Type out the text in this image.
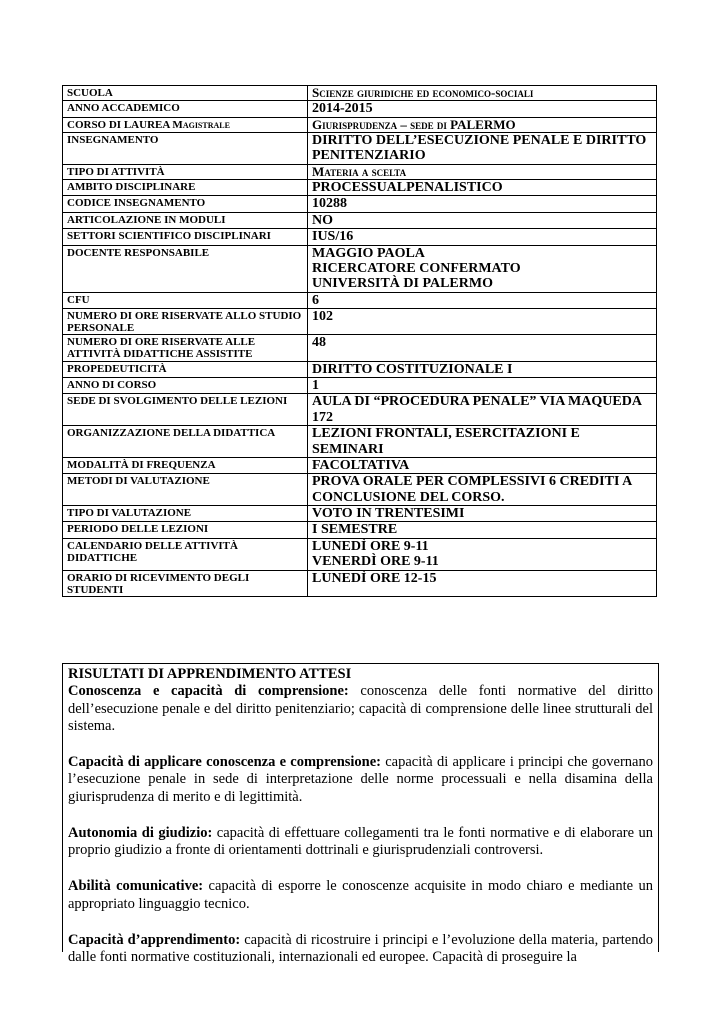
SCUOLA	Scienze giuridiche ed economico-sociali
ANNO ACCADEMICO	2014-2015
CORSO DI LAUREA Magistrale	Giurisprudenza – sede di PALERMO
INSEGNAMENTO	DIRITTO DELL’ESECUZIONE PENALE E DIRITTO PENITENZIARIO
TIPO DI ATTIVITÀ	Materia a scelta
AMBITO DISCIPLINARE	PROCESSUALPENALISTICO
CODICE INSEGNAMENTO	10288
ARTICOLAZIONE IN MODULI	NO
SETTORI SCIENTIFICO DISCIPLINARI	IUS/16
DOCENTE RESPONSABILE	MAGGIO PAOLA
RICERCATORE CONFERMATO
UNIVERSITÀ DI PALERMO

CFU	6
NUMERO DI ORE RISERVATE ALLO STUDIO PERSONALE	102
NUMERO DI ORE RISERVATE ALLE ATTIVITÀ DIDATTICHE ASSISTITE	48
PROPEDEUTICITÀ	DIRITTO COSTITUZIONALE I
ANNO DI CORSO	1
SEDE DI SVOLGIMENTO DELLE LEZIONI	AULA DI “PROCEDURA PENALE” VIA MAQUEDA 172
ORGANIZZAZIONE DELLA DIDATTICA	LEZIONI FRONTALI, ESERCITAZIONI E SEMINARI
MODALITÀ DI FREQUENZA	FACOLTATIVA
METODI DI VALUTAZIONE	PROVA ORALE PER COMPLESSIVI 6 CREDITI A CONCLUSIONE DEL CORSO.
TIPO DI VALUTAZIONE	VOTO IN TRENTESIMI
PERIODO DELLE LEZIONI	I SEMESTRE
CALENDARIO DELLE ATTIVITÀ DIDATTICHE	LUNEDÌ ORE 9-11
VENERDÌ ORE 9-11

ORARIO DI RICEVIMENTO DEGLI STUDENTI	LUNEDÌ ORE 12-15
RISULTATI DI APPRENDIMENTO ATTESI

Conoscenza e capacità di comprensione: conoscenza delle fonti normative del diritto dell’esecuzione penale e del diritto penitenziario; capacità di comprensione delle linee strutturali del sistema.

Capacità di applicare conoscenza e comprensione: capacità di applicare i principi che governano l’esecuzione penale in sede di interpretazione delle norme processuali e nella disamina della giurisprudenza di merito e di legittimità.

Autonomia di giudizio: capacità di effettuare collegamenti tra le fonti normative e di elaborare un proprio giudizio a fronte di orientamenti dottrinali e giurisprudenziali controversi.

Abilità comunicative: capacità di esporre le conoscenze acquisite in modo chiaro e mediante un appropriato linguaggio tecnico.

Capacità d’apprendimento: capacità di ricostruire i principi e l’evoluzione della materia, partendo dalle fonti normative costituzionali, internazionali ed europee. Capacità di proseguire la
